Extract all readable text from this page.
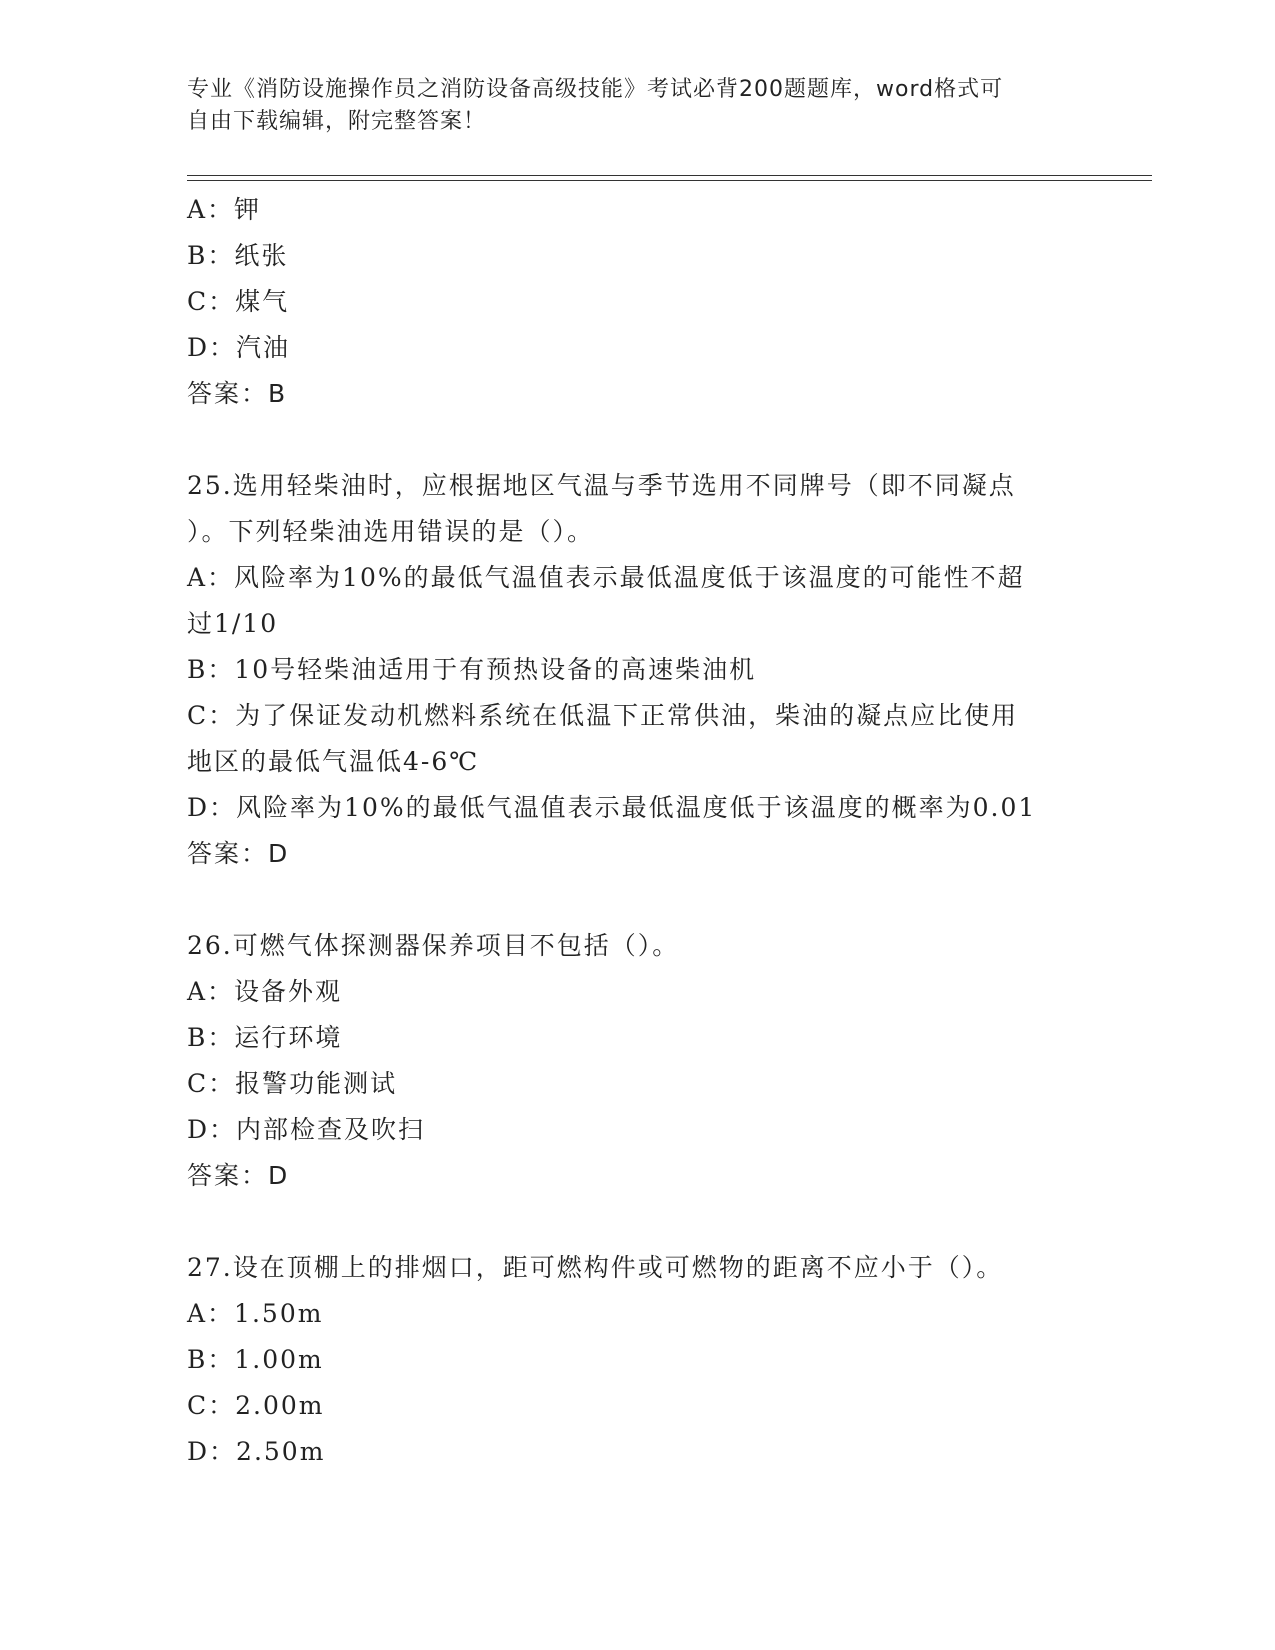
专业《消防设施操作员之消防设备高级技能》考试必背200题题库，word格式可
自由下载编辑，附完整答案！
A：钾
B：纸张
C：煤气
D：汽油
答案：B
25.选用轻柴油时，应根据地区气温与季节选用不同牌号（即不同凝点
）。下列轻柴油选用错误的是（）。
A：风险率为10%的最低气温值表示最低温度低于该温度的可能性不超
过1/10
B：10号轻柴油适用于有预热设备的高速柴油机
C：为了保证发动机燃料系统在低温下正常供油，柴油的凝点应比使用
地区的最低气温低4-6℃
D：风险率为10%的最低气温值表示最低温度低于该温度的概率为0.01
答案：D
26.可燃气体探测器保养项目不包括（）。
A：设备外观
B：运行环境
C：报警功能测试
D：内部检查及吹扫
答案：D
27.设在顶棚上的排烟口，距可燃构件或可燃物的距离不应小于（）。
A：1.50m
B：1.00m
C：2.00m
D：2.50m
